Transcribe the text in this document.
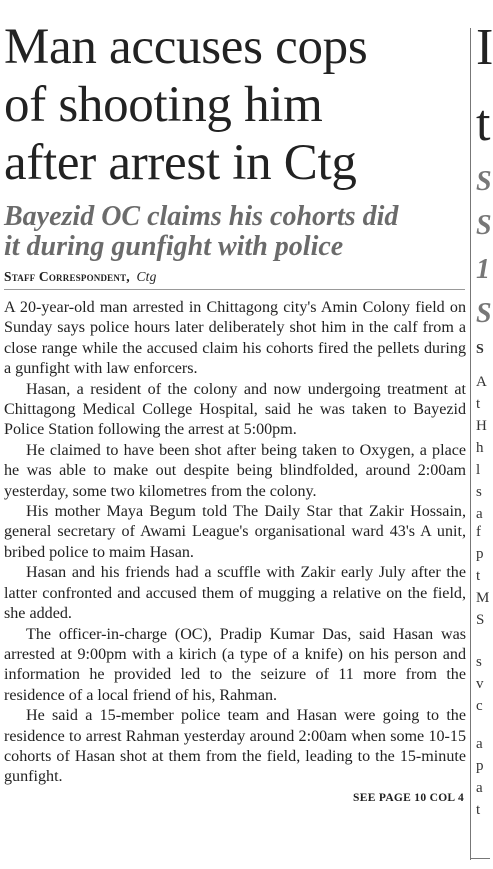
Man accuses cops
of shooting him
after arrest in Ctg
Bayezid OC claims his cohorts did
it during gunfight with police
Staff Correspondent, Ctg

A 20-year-old man arrested in Chittagong city's Amin Colony field on Sunday says police hours later deliberately shot him in the calf from a close range while the accused claim his cohorts fired the pellets during a gunfight with law enforcers.

Hasan, a resident of the colony and now undergoing treatment at Chittagong Medical College Hospital, said he was taken to Bayezid Police Station following the arrest at 5:00pm.

He claimed to have been shot after being taken to Oxygen, a place he was able to make out despite being blindfolded, around 2:00am yesterday, some two kilometres from the colony.

His mother Maya Begum told The Daily Star that Zakir Hossain, general secretary of Awami League's organisational ward 43's A unit, bribed police to maim Hasan.

Hasan and his friends had a scuffle with Zakir early July after the latter confronted and accused them of mugging a relative on the field, she added.

The officer-in-charge (OC), Pradip Kumar Das, said Hasan was arrested at 9:00pm with a kirich (a type of a knife) on his person and information he provided led to the seizure of 11 more from the residence of a local friend of his, Rahman.

He said a 15-member police team and Hasan were going to the residence to arrest Rahman yesterday around 2:00am when some 10-15 cohorts of Hasan shot at them from the field, leading to the 15-minute gunfight.

SEE PAGE 10 COL 4
I
t
S
S
1
S
S
A
t
H
h
l
s
a
f
p
t
M
S
s
v
c
a
p
a
t
